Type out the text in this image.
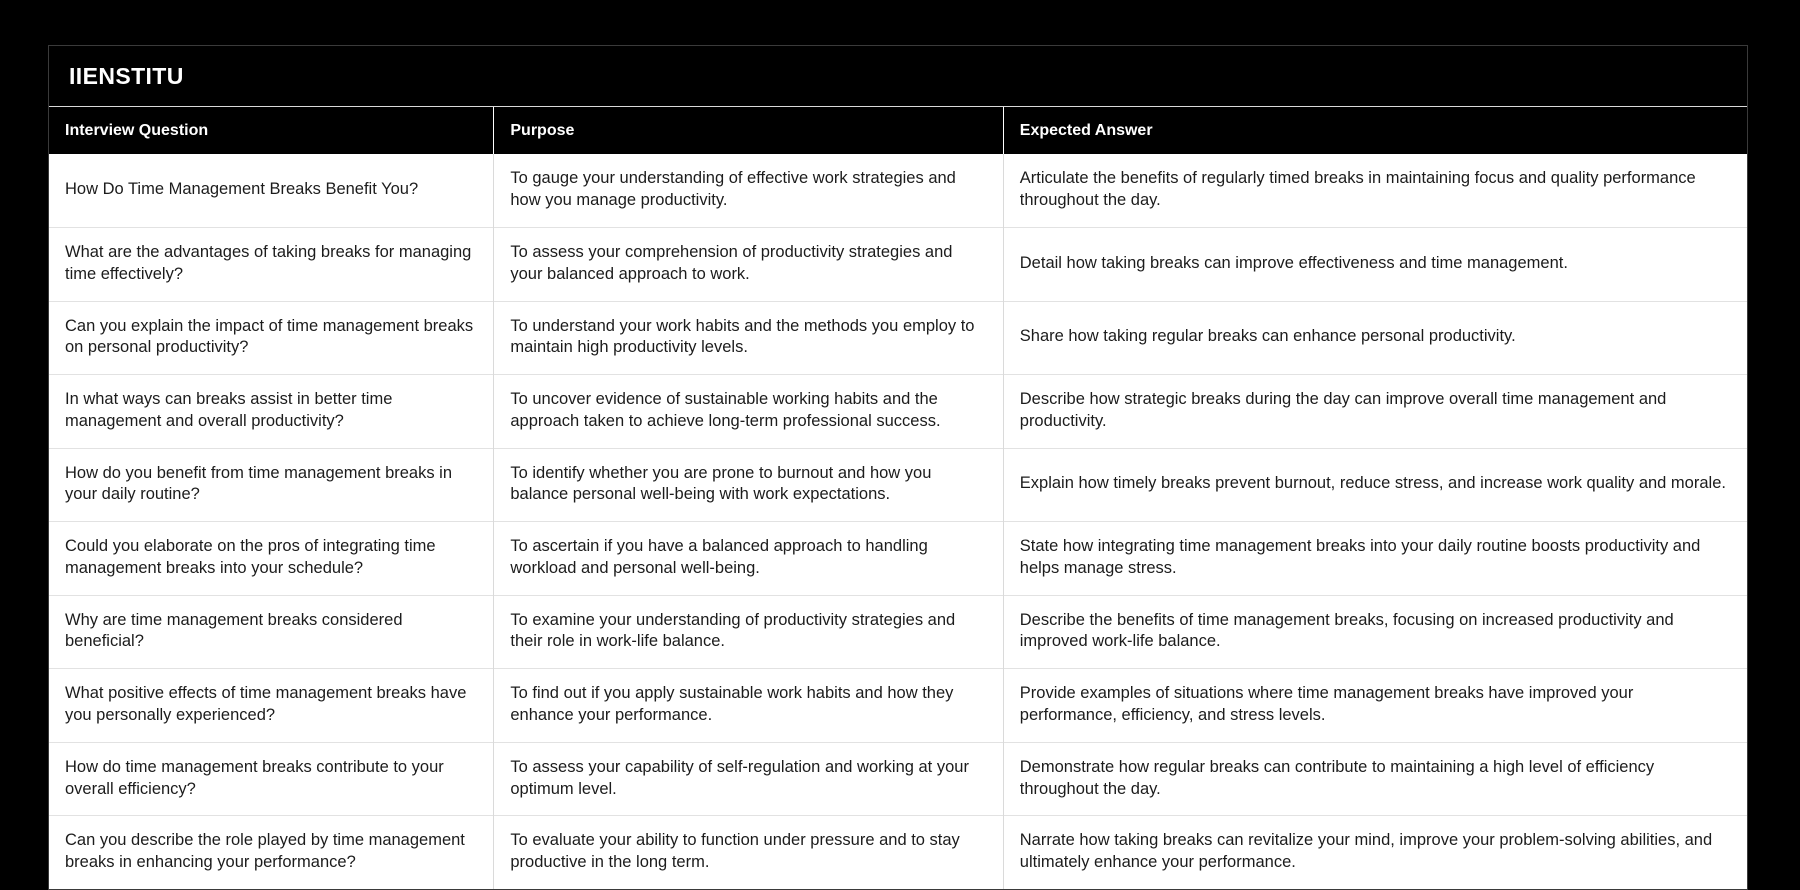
IIENSTITU
Interview Question	Purpose	Expected Answer
How Do Time Management Breaks Benefit You?	To gauge your understanding of effective work strategies and how you manage productivity.	Articulate the benefits of regularly timed breaks in maintaining focus and quality performance throughout the day.
What are the advantages of taking breaks for managing time effectively?	To assess your comprehension of productivity strategies and your balanced approach to work.	Detail how taking breaks can improve effectiveness and time management.
Can you explain the impact of time management breaks on personal productivity?	To understand your work habits and the methods you employ to maintain high productivity levels.	Share how taking regular breaks can enhance personal productivity.
In what ways can breaks assist in better time management and overall productivity?	To uncover evidence of sustainable working habits and the approach taken to achieve long-term professional success.	Describe how strategic breaks during the day can improve overall time management and productivity.
How do you benefit from time management breaks in your daily routine?	To identify whether you are prone to burnout and how you balance personal well-being with work expectations.	Explain how timely breaks prevent burnout, reduce stress, and increase work quality and morale.
Could you elaborate on the pros of integrating time management breaks into your schedule?	To ascertain if you have a balanced approach to handling workload and personal well-being.	State how integrating time management breaks into your daily routine boosts productivity and helps manage stress.
Why are time management breaks considered beneficial?	To examine your understanding of productivity strategies and their role in work-life balance.	Describe the benefits of time management breaks, focusing on increased productivity and improved work-life balance.
What positive effects of time management breaks have you personally experienced?	To find out if you apply sustainable work habits and how they enhance your performance.	Provide examples of situations where time management breaks have improved your performance, efficiency, and stress levels.
How do time management breaks contribute to your overall efficiency?	To assess your capability of self-regulation and working at your optimum level.	Demonstrate how regular breaks can contribute to maintaining a high level of efficiency throughout the day.
Can you describe the role played by time management breaks in enhancing your performance?	To evaluate your ability to function under pressure and to stay productive in the long term.	Narrate how taking breaks can revitalize your mind, improve your problem-solving abilities, and ultimately enhance your performance.
